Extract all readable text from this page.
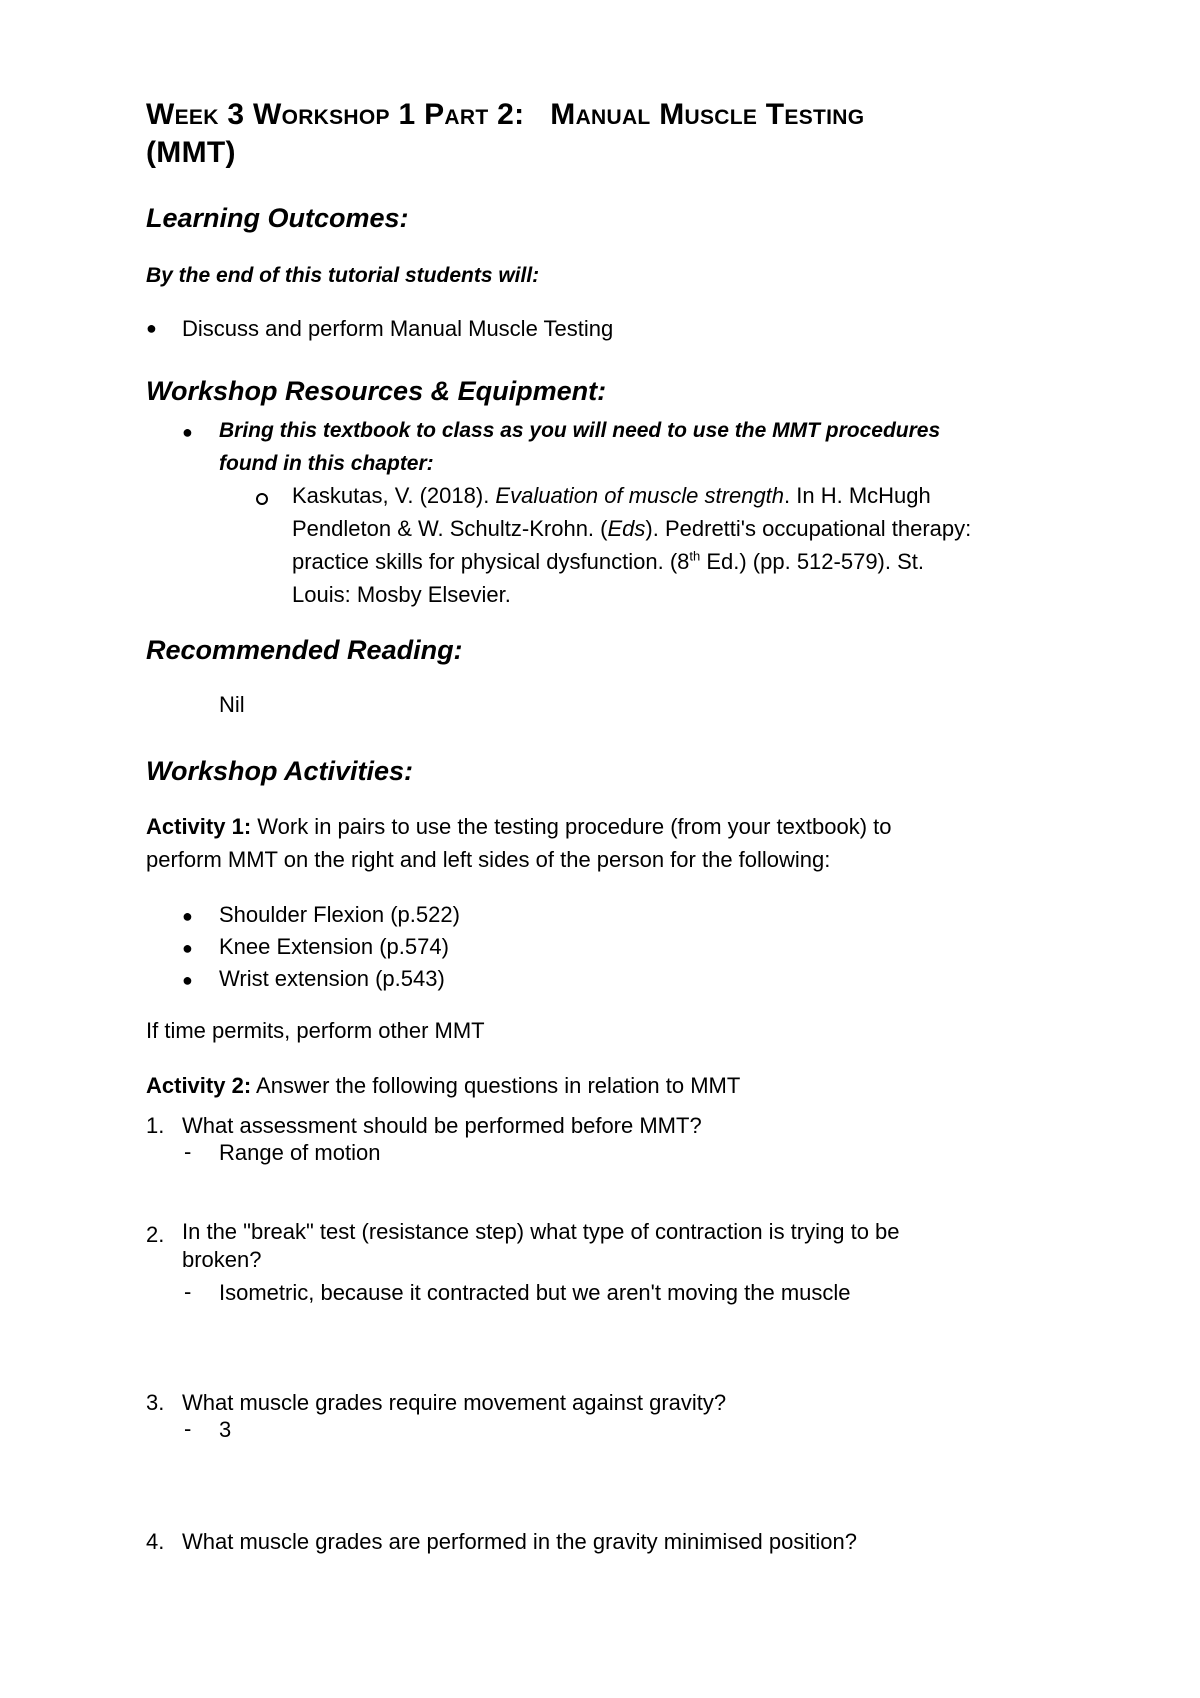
Week 3 Workshop 1 Part 2:   Manual Muscle Testing
(MMT)
Learning Outcomes:
By the end of this tutorial students will:
● Discuss and perform Manual Muscle Testing
Workshop Resources & Equipment:
● Bring this textbook to class as you will need to use the MMT procedures
found in this chapter:
Kaskutas, V. (2018). Evaluation of muscle strength. In H. McHugh
Pendleton & W. Schultz-Krohn. (Eds). Pedretti's occupational therapy:
practice skills for physical dysfunction. (8th Ed.) (pp. 512-579). St.
Louis: Mosby Elsevier.
Recommended Reading:
Nil
Workshop Activities:
Activity 1: Work in pairs to use the testing procedure (from your textbook) to
perform MMT on the right and left sides of the person for the following:
● Shoulder Flexion (p.522)
● Knee Extension (p.574)
● Wrist extension (p.543)
If time permits, perform other MMT
Activity 2: Answer the following questions in relation to MMT
1. What assessment should be performed before MMT?
- Range of motion
2. In the "break" test (resistance step) what type of contraction is trying to be
broken?
- Isometric, because it contracted but we aren't moving the muscle
3. What muscle grades require movement against gravity?
- 3
4. What muscle grades are performed in the gravity minimised position?
